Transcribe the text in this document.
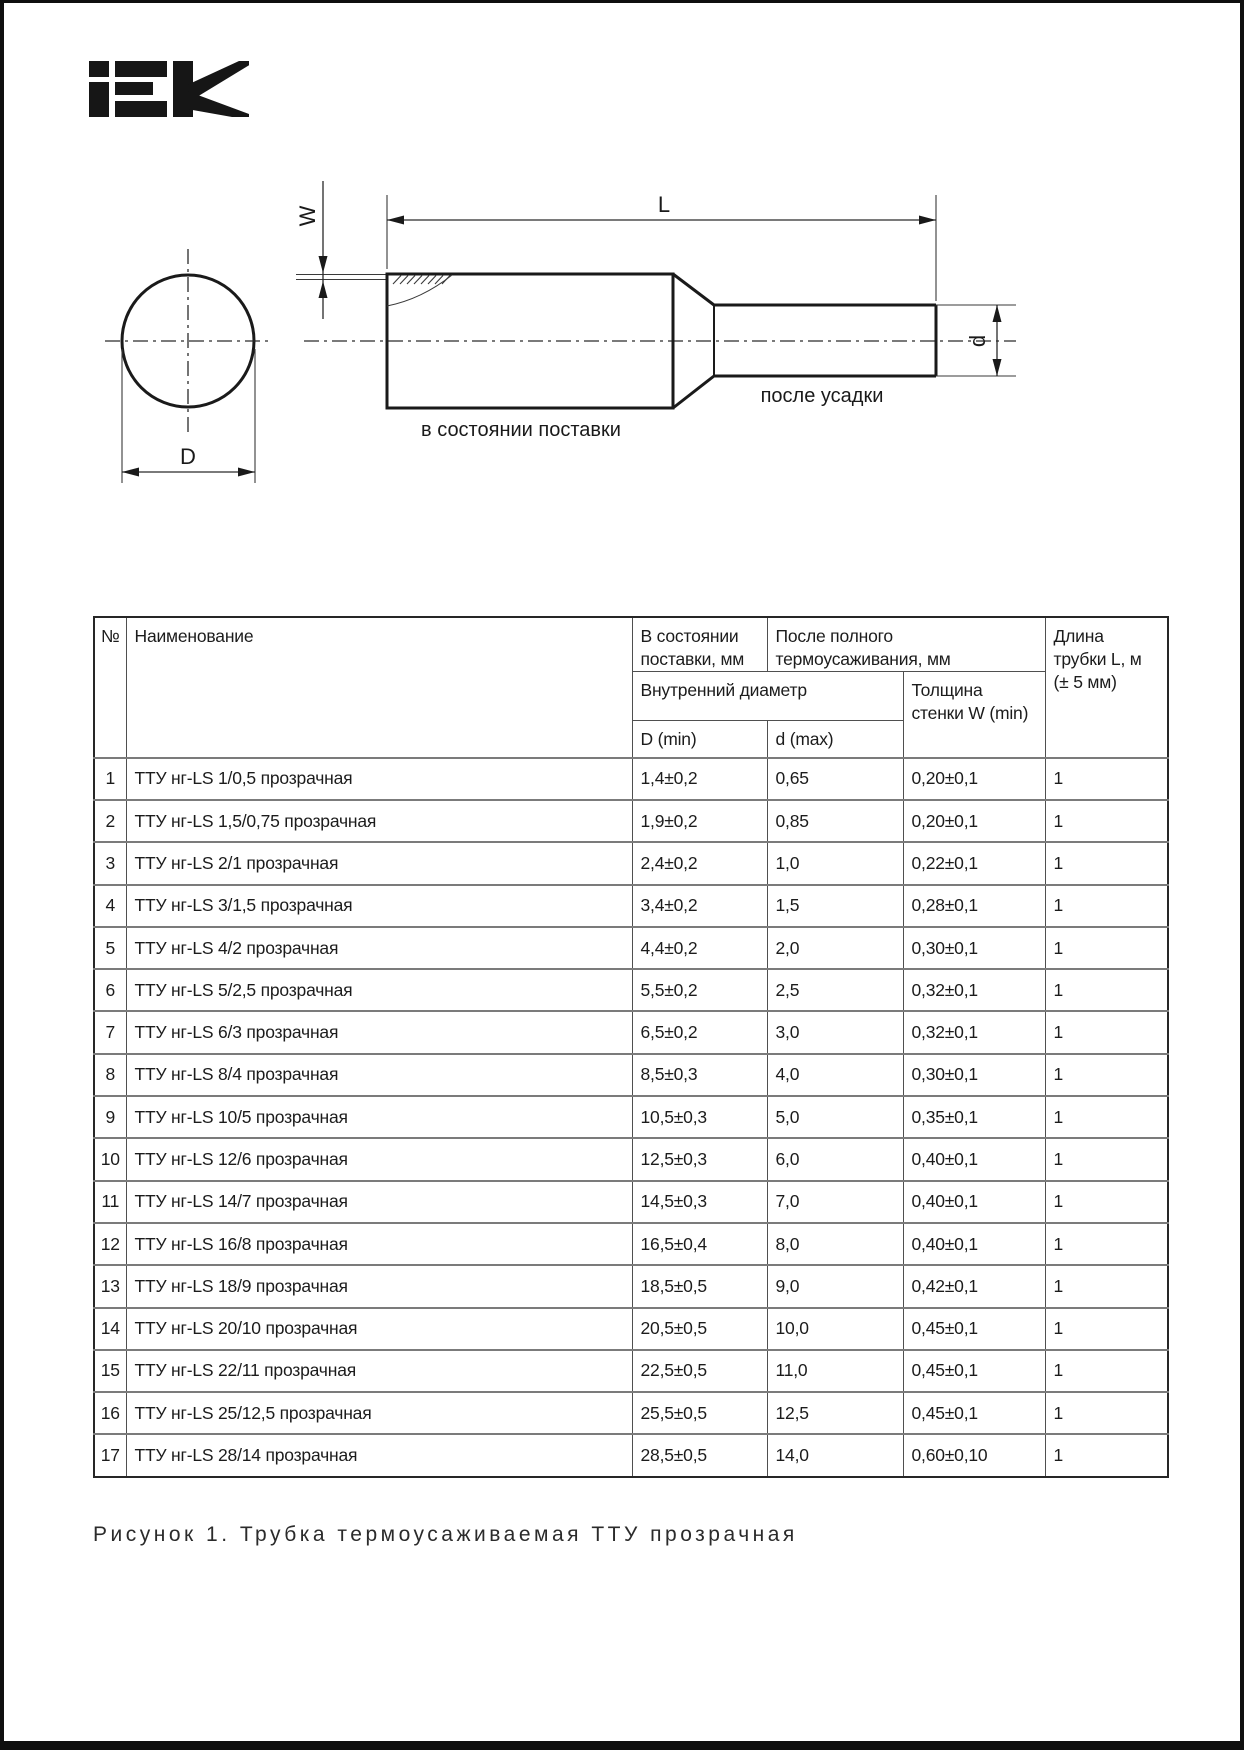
D
W	L
d
в состоянии поставки
после усадки
№	Наименование	В состоянии поставки, мм	После полного термоусаживания, мм		Длина трубки L, м (± 5 мм)
		Внутренний диаметр		Толщина стенки W (min)	
		D (min)	d (max)		
1	ТТУ нг-LS 1/0,5 прозрачная	1,4±0,2	0,65	0,20±0,1	1
2	ТТУ нг-LS 1,5/0,75 прозрачная	1,9±0,2	0,85	0,20±0,1	1
3	ТТУ нг-LS 2/1 прозрачная	2,4±0,2	1,0	0,22±0,1	1
4	ТТУ нг-LS 3/1,5 прозрачная	3,4±0,2	1,5	0,28±0,1	1
5	ТТУ нг-LS 4/2 прозрачная	4,4±0,2	2,0	0,30±0,1	1
6	ТТУ нг-LS 5/2,5 прозрачная	5,5±0,2	2,5	0,32±0,1	1
7	ТТУ нг-LS 6/3 прозрачная	6,5±0,2	3,0	0,32±0,1	1
8	ТТУ нг-LS 8/4 прозрачная	8,5±0,3	4,0	0,30±0,1	1
9	ТТУ нг-LS 10/5 прозрачная	10,5±0,3	5,0	0,35±0,1	1
10	ТТУ нг-LS 12/6 прозрачная	12,5±0,3	6,0	0,40±0,1	1
11	ТТУ нг-LS 14/7 прозрачная	14,5±0,3	7,0	0,40±0,1	1
12	ТТУ нг-LS 16/8 прозрачная	16,5±0,4	8,0	0,40±0,1	1
13	ТТУ нг-LS 18/9 прозрачная	18,5±0,5	9,0	0,42±0,1	1
14	ТТУ нг-LS 20/10 прозрачная	20,5±0,5	10,0	0,45±0,1	1
15	ТТУ нг-LS 22/11 прозрачная	22,5±0,5	11,0	0,45±0,1	1
16	ТТУ нг-LS 25/12,5 прозрачная	25,5±0,5	12,5	0,45±0,1	1
17	ТТУ нг-LS 28/14 прозрачная	28,5±0,5	14,0	0,60±0,10	1
Рисунок 1. Трубка термоусаживаемая ТТУ прозрачная
